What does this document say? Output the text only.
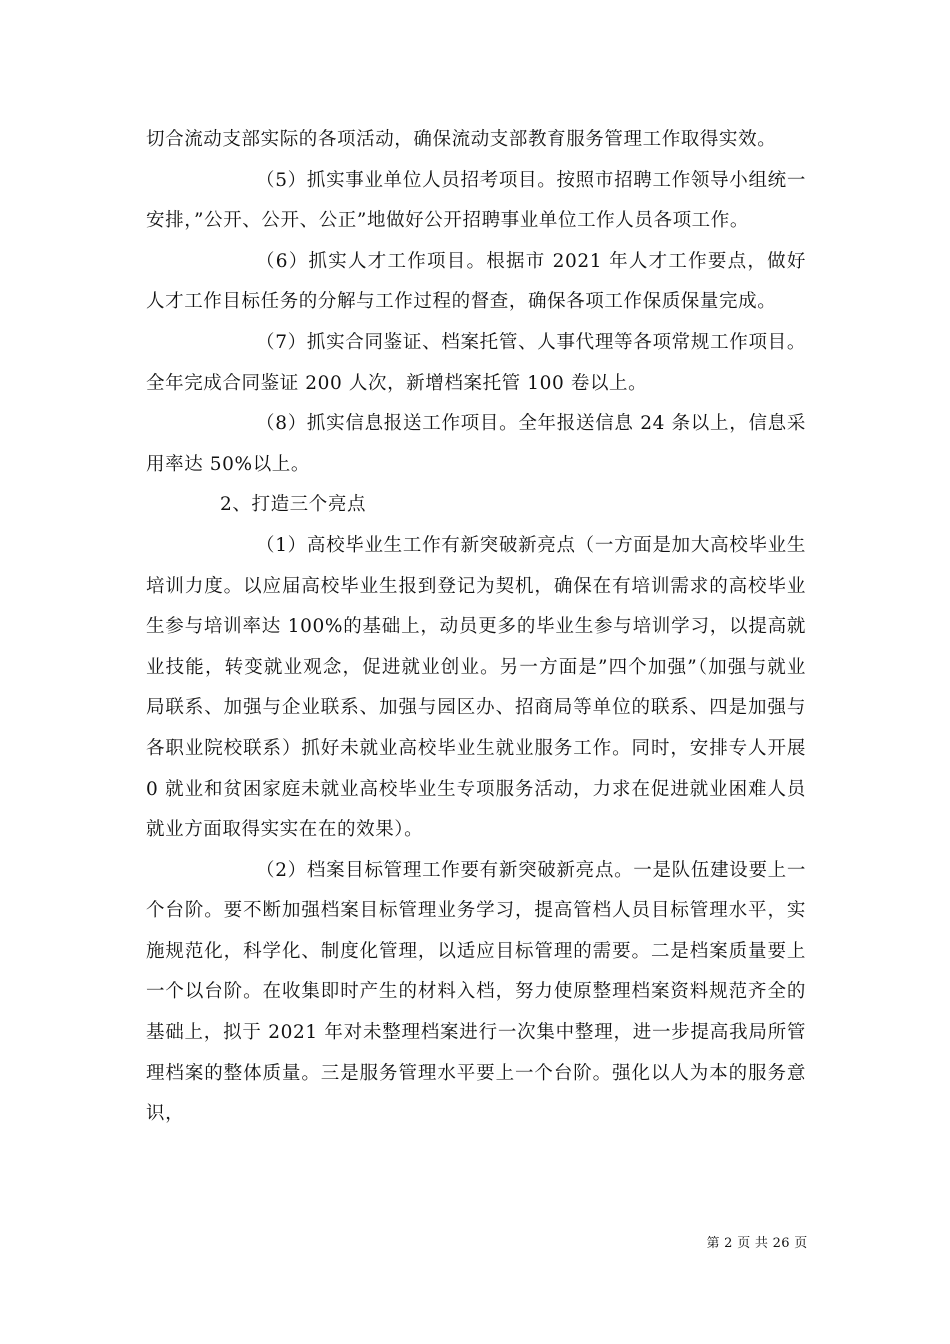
切合流动支部实际的各项活动，确保流动支部教育服务管理工作取得实效。

（5）抓实事业单位人员招考项目。按照市招聘工作领导小组统一安排，”公开、公开、公正”地做好公开招聘事业单位工作人员各项工作。

（6）抓实人才工作项目。根据市 2021 年人才工作要点，做好人才工作目标任务的分解与工作过程的督查，确保各项工作保质保量完成。

（7）抓实合同鉴证、档案托管、人事代理等各项常规工作项目。全年完成合同鉴证 200 人次，新增档案托管 100 卷以上。

（8）抓实信息报送工作项目。全年报送信息 24 条以上，信息采用率达 50%以上。

2、打造三个亮点

（1）高校毕业生工作有新突破新亮点（一方面是加大高校毕业生培训力度。以应届高校毕业生报到登记为契机，确保在有培训需求的高校毕业生参与培训率达 100%的基础上，动员更多的毕业生参与培训学习，以提高就业技能，转变就业观念，促进就业创业。另一方面是”四个加强”（加强与就业局联系、加强与企业联系、加强与园区办、招商局等单位的联系、四是加强与各职业院校联系）抓好未就业高校毕业生就业服务工作。同时，安排专人开展 0 就业和贫困家庭未就业高校毕业生专项服务活动，力求在促进就业困难人员就业方面取得实实在在的效果）。

（2）档案目标管理工作要有新突破新亮点。一是队伍建设要上一个台阶。要不断加强档案目标管理业务学习，提高管档人员目标管理水平，实施规范化，科学化、制度化管理，以适应目标管理的需要。二是档案质量要上一个以台阶。在收集即时产生的材料入档，努力使原整理档案资料规范齐全的基础上，拟于 2021 年对未整理档案进行一次集中整理，进一步提高我局所管理档案的整体质量。三是服务管理水平要上一个台阶。强化以人为本的服务意识，

第 2 页 共 26 页
